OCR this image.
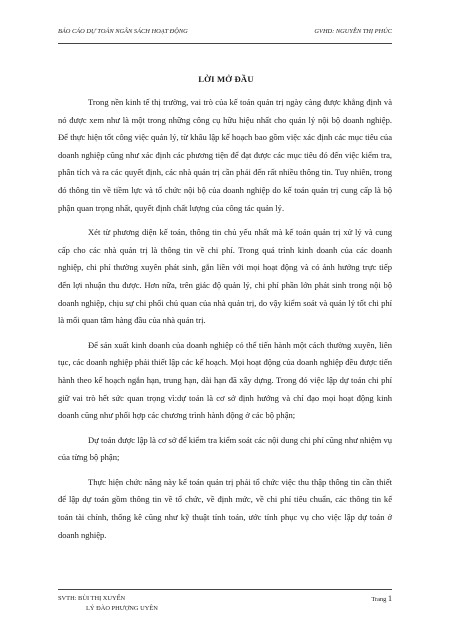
BÁO CÁO DỰ TOÁN NGÂN SÁCH HOẠT ĐỘNG	GVHD: NGUYỄN THỊ PHÚC
LỜI MỞ ĐẦU

Trong nền kinh tế thị trường, vai trò của kế toán quản trị ngày càng được khẳng định và nó được xem như là một trong những công cụ hữu hiệu nhất cho quản lý nội bộ doanh nghiệp. Để thực hiện tốt công việc quản lý, từ khâu lập kế hoạch bao gồm việc xác định các mục tiêu của doanh nghiệp cũng như xác định các phương tiện để đạt được các mục tiêu đó đến việc kiểm tra, phân tích và ra các quyết định, các nhà quản trị cần phải đến rất nhiều thông tin. Tuy nhiên, trong đó thông tin về tiềm lực và tổ chức nội bộ của doanh nghiệp do kế toán quản trị cung cấp là bộ phận quan trọng nhất, quyết định chất lượng của công tác quản lý.

Xét từ phương diện kế toán, thông tin chủ yếu nhất mà kế toán quản trị xử lý và cung cấp cho các nhà quản trị là thông tin về chi phí. Trong quá trình kinh doanh của các doanh nghiệp, chi phí thường xuyên phát sinh, gắn liền với mọi hoạt động và có ảnh hưởng trực tiếp đến lợi nhuận thu được. Hơn nữa, trên giác độ quản lý, chi phí phần lớn phát sinh trong nội bộ doanh nghiệp, chịu sự chi phối chủ quan của nhà quản trị, do vậy kiểm soát và quản lý tốt chi phí là mối quan tâm hàng đầu của nhà quản trị.

Để sản xuất kinh doanh của doanh nghiệp có thể tiến hành một cách thường xuyên, liên tục, các doanh nghiệp phải thiết lập các kế hoạch. Mọi hoạt động của doanh nghiệp đều được tiến hành theo kế hoạch ngắn hạn, trung hạn, dài hạn đã xây dựng. Trong đó việc lập dự toán chi phí giữ vai trò hết sức quan trọng vì:dự toán là cơ sở định hướng và chỉ đạo mọi hoạt động kinh doanh cũng như phối hợp các chương trình hành động ở các bộ phận;

Dự toán được lập là cơ sở để kiểm tra kiểm soát các nội dung chi phí cũng như nhiệm vụ của từng bộ phận;

Thực hiện chức năng này kế toán quản trị phải tổ chức việc thu thập thông tin cần thiết để lập dự toán gồm thông tin về tổ chức, về định mức, về chi phí tiêu chuẩn, các thông tin kế toán tài chính, thống kê cũng như kỹ thuật tính toán, ước tính phục vụ cho việc lập dự toán ở doanh nghiệp.

SVTH: BÙI THỊ XUYẾN
LÝ ĐÀO PHƯỢNG UYÊN
Trang 1
